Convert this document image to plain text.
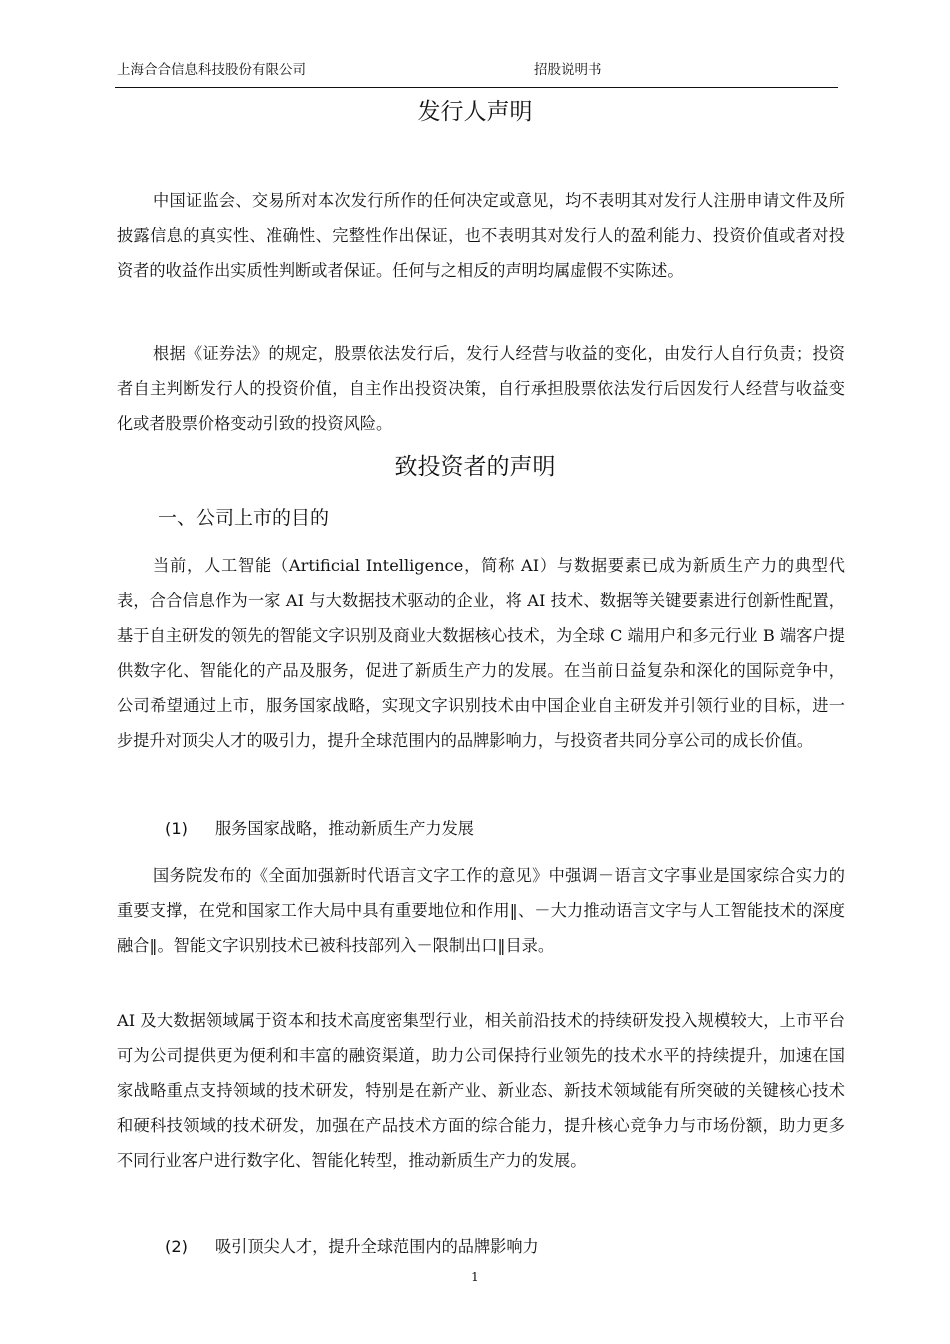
上海合合信息科技股份有限公司	招股说明书
发行人声明

中国证监会、交易所对本次发行所作的任何决定或意见，均不表明其对发行人注册申请文件及所披露信息的真实性、准确性、完整性作出保证，也不表明其对发行人的盈利能力、投资价值或者对投资者的收益作出实质性判断或者保证。任何与之相反的声明均属虚假不实陈述。

根据《证券法》的规定，股票依法发行后，发行人经营与收益的变化，由发行人自行负责；投资者自主判断发行人的投资价值，自主作出投资决策，自行承担股票依法发行后因发行人经营与收益变化或者股票价格变动引致的投资风险。

致投资者的声明
一、公司上市的目的

当前，人工智能（Artificial Intelligence，简称 AI）与数据要素已成为新质生产力的典型代表，合合信息作为一家 AI 与大数据技术驱动的企业，将 AI 技术、数据等关键要素进行创新性配置，基于自主研发的领先的智能文字识别及商业大数据核心技术，为全球 C 端用户和多元行业 B 端客户提供数字化、智能化的产品及服务，促进了新质生产力的发展。在当前日益复杂和深化的国际竞争中，公司希望通过上市，服务国家战略，实现文字识别技术由中国企业自主研发并引领行业的目标，进一步提升对顶尖人才的吸引力，提升全球范围内的品牌影响力，与投资者共同分享公司的成长价值。

(1) 服务国家战略，推动新质生产力发展

国务院发布的《全面加强新时代语言文字工作的意见》中强调－语言文字事业是国家综合实力的重要支撑，在党和国家工作大局中具有重要地位和作用‖、－大力推动语言文字与人工智能技术的深度融合‖。智能文字识别技术已被科技部列入－限制出口‖目录。

AI 及大数据领域属于资本和技术高度密集型行业，相关前沿技术的持续研发投入规模较大，上市平台可为公司提供更为便利和丰富的融资渠道，助力公司保持行业领先的技术水平的持续提升，加速在国家战略重点支持领域的技术研发，特别是在新产业、新业态、新技术领域能有所突破的关键核心技术和硬科技领域的技术研发，加强在产品技术方面的综合能力，提升核心竞争力与市场份额，助力更多不同行业客户进行数字化、智能化转型，推动新质生产力的发展。

(2) 吸引顶尖人才，提升全球范围内的品牌影响力
1
